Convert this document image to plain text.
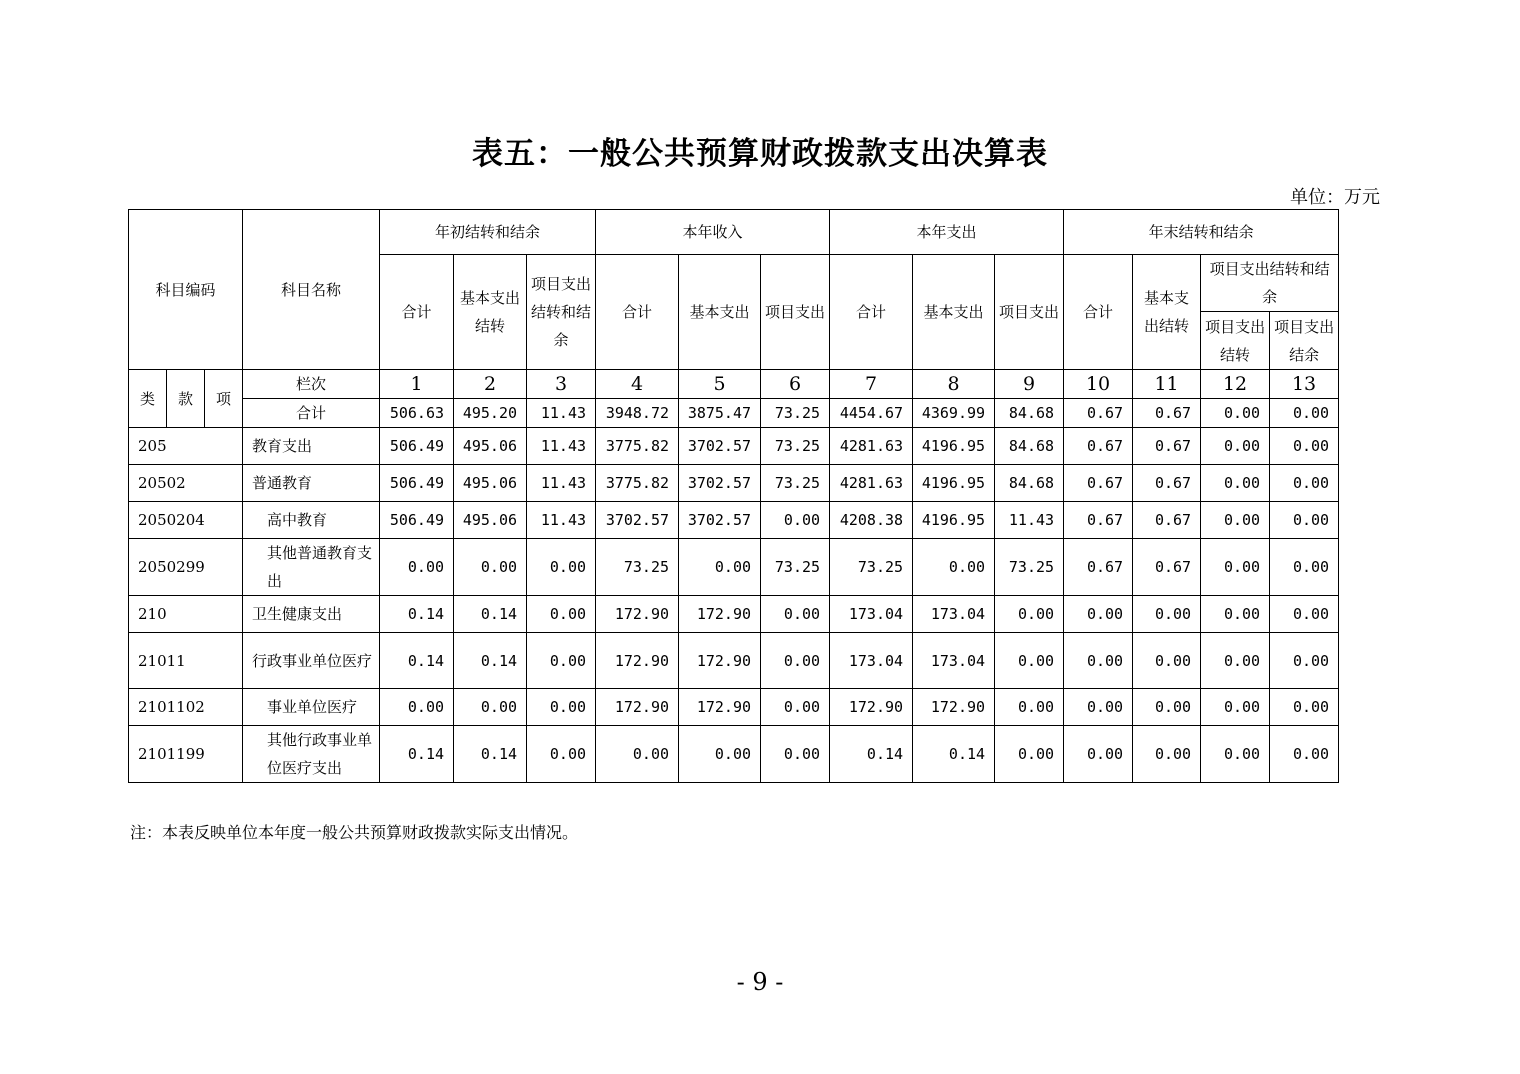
表五：一般公共预算财政拨款支出决算表
单位：万元
科目编码			科目名称	年初结转和结余			本年收入			本年支出			年末结转和结余			
				合计	基本支出结转	项目支出结转和结余	合计	基本支出	项目支出	合计	基本支出	项目支出	合计	基本支出结转	项目支出结转和结余	
															项目支出结转	项目支出结余
类	款	项	栏次	1	2	3	4	5	6	7	8	9	10	11	12	13
			合计	506.63	495.20	11.43	3948.72	3875.47	73.25	4454.67	4369.99	84.68	0.67	0.67	0.00	0.00
205			教育支出	506.49	495.06	11.43	3775.82	3702.57	73.25	4281.63	4196.95	84.68	0.67	0.67	0.00	0.00
20502			普通教育	506.49	495.06	11.43	3775.82	3702.57	73.25	4281.63	4196.95	84.68	0.67	0.67	0.00	0.00
2050204			高中教育	506.49	495.06	11.43	3702.57	3702.57	0.00	4208.38	4196.95	11.43	0.67	0.67	0.00	0.00
2050299			其他普通教育支出	0.00	0.00	0.00	73.25	0.00	73.25	73.25	0.00	73.25	0.67	0.67	0.00	0.00
210			卫生健康支出	0.14	0.14	0.00	172.90	172.90	0.00	173.04	173.04	0.00	0.00	0.00	0.00	0.00
21011			行政事业单位医疗	0.14	0.14	0.00	172.90	172.90	0.00	173.04	173.04	0.00	0.00	0.00	0.00	0.00
2101102			事业单位医疗	0.00	0.00	0.00	172.90	172.90	0.00	172.90	172.90	0.00	0.00	0.00	0.00	0.00
2101199			其他行政事业单位医疗支出	0.14	0.14	0.00	0.00	0.00	0.00	0.14	0.14	0.00	0.00	0.00	0.00	0.00
注：本表反映单位本年度一般公共预算财政拨款实际支出情况。
- 9 -
